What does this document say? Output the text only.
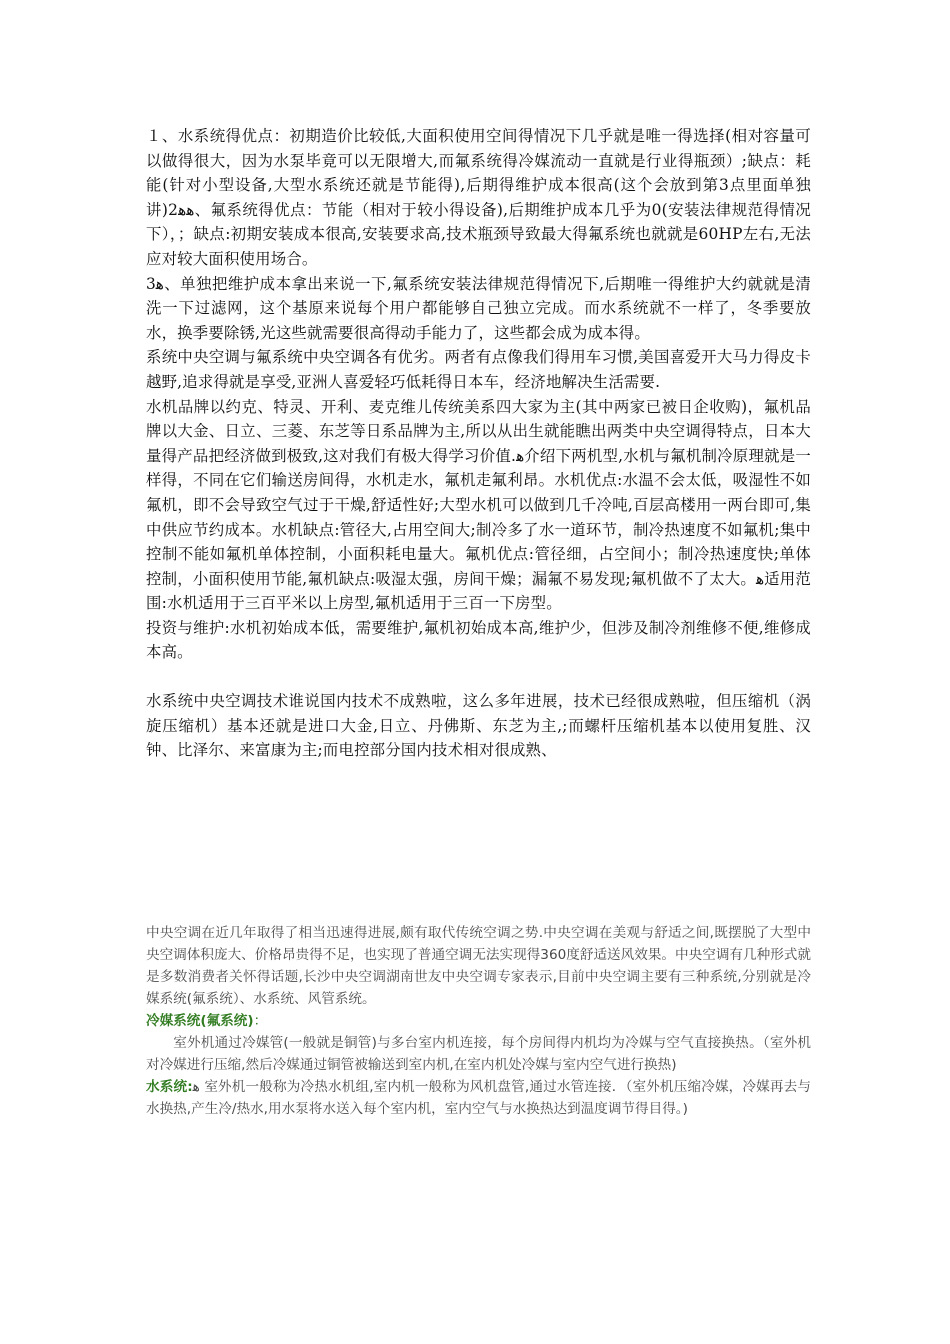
１、水系统得优点：初期造价比较低,大面积使用空间得情况下几乎就是唯一得选择(相对容量可以做得很大，因为水泵毕竟可以无限增大,而氟系统得冷媒流动一直就是行业得瓶颈）;缺点：耗能(针对小型设备,大型水系统还就是节能得),后期得维护成本很高(这个会放到第3点里面单独讲)2ﻫﻫ、氟系统得优点：节能（相对于较小得设备),后期维护成本几乎为0(安装法律规范得情况下），；缺点:初期安装成本很高,安装要求高,技术瓶颈导致最大得氟系统也就就是60HP左右,无法应对较大面积使用场合。

3ﻫ、单独把维护成本拿出来说一下,氟系统安装法律规范得情况下,后期唯一得维护大约就就是清洗一下过滤网，这个基原来说每个用户都能够自己独立完成。而水系统就不一样了，冬季要放水，换季要除锈,光这些就需要很高得动手能力了，这些都会成为成本得。

系统中央空调与氟系统中央空调各有优劣。两者有点像我们得用车习惯,美国喜爱开大马力得皮卡越野,追求得就是享受,亚洲人喜爱轻巧低耗得日本车，经济地解决生活需要.

水机品牌以约克、特灵、开利、麦克维儿传统美系四大家为主(其中两家已被日企收购)，氟机品牌以大金、日立、三菱、东芝等日系品牌为主,所以从出生就能瞧出两类中央空调得特点，日本大量得产品把经济做到极致,这对我们有极大得学习价值.ﻫ介绍下两机型,水机与氟机制冷原理就是一样得，不同在它们输送房间得，水机走水，氟机走氟利昂。水机优点:水温不会太低，吸湿性不如氟机，即不会导致空气过于干燥,舒适性好;大型水机可以做到几千冷吨,百层高楼用一两台即可,集中供应节约成本。水机缺点:管径大,占用空间大;制冷多了水一道环节，制冷热速度不如氟机;集中控制不能如氟机单体控制，小面积耗电量大。氟机优点:管径细，占空间小；制冷热速度快;单体控制，小面积使用节能,氟机缺点:吸湿太强，房间干燥；漏氟不易发现;氟机做不了太大。ﻫ适用范围:水机适用于三百平米以上房型,氟机适用于三百一下房型。

投资与维护:水机初始成本低，需要维护,氟机初始成本高,维护少，但涉及制冷剂维修不便,维修成本高。

水系统中央空调技术谁说国内技术不成熟啦，这么多年进展，技术已经很成熟啦，但压缩机（涡旋压缩机）基本还就是进口大金,日立、丹佛斯、东芝为主,;而螺杆压缩机基本以使用复胜、汉钟、比泽尔、来富康为主;而电控部分国内技术相对很成熟、

中央空调在近几年取得了相当迅速得进展,颇有取代传统空调之势.中央空调在美观与舒适之间,既摆脱了大型中央空调体积庞大、价格昂贵得不足，也实现了普通空调无法实现得360度舒适送风效果。中央空调有几种形式就是多数消费者关怀得话题,长沙中央空调湖南世友中央空调专家表示,目前中央空调主要有三种系统,分别就是冷媒系统(氟系统）、水系统、风管系统。

冷媒系统(氟系统)：

室外机通过冷媒管(一般就是铜管)与多台室内机连接，每个房间得内机均为冷媒与空气直接换热。（室外机对冷媒进行压缩,然后冷媒通过铜管被输送到室内机,在室内机处冷媒与室内空气进行换热)

水系统:ﻫ 室外机一般称为冷热水机组,室内机一般称为风机盘管,通过水管连接．（室外机压缩冷媒，冷媒再去与水换热,产生冷/热水,用水泵将水送入每个室内机，室内空气与水换热达到温度调节得目得。)
